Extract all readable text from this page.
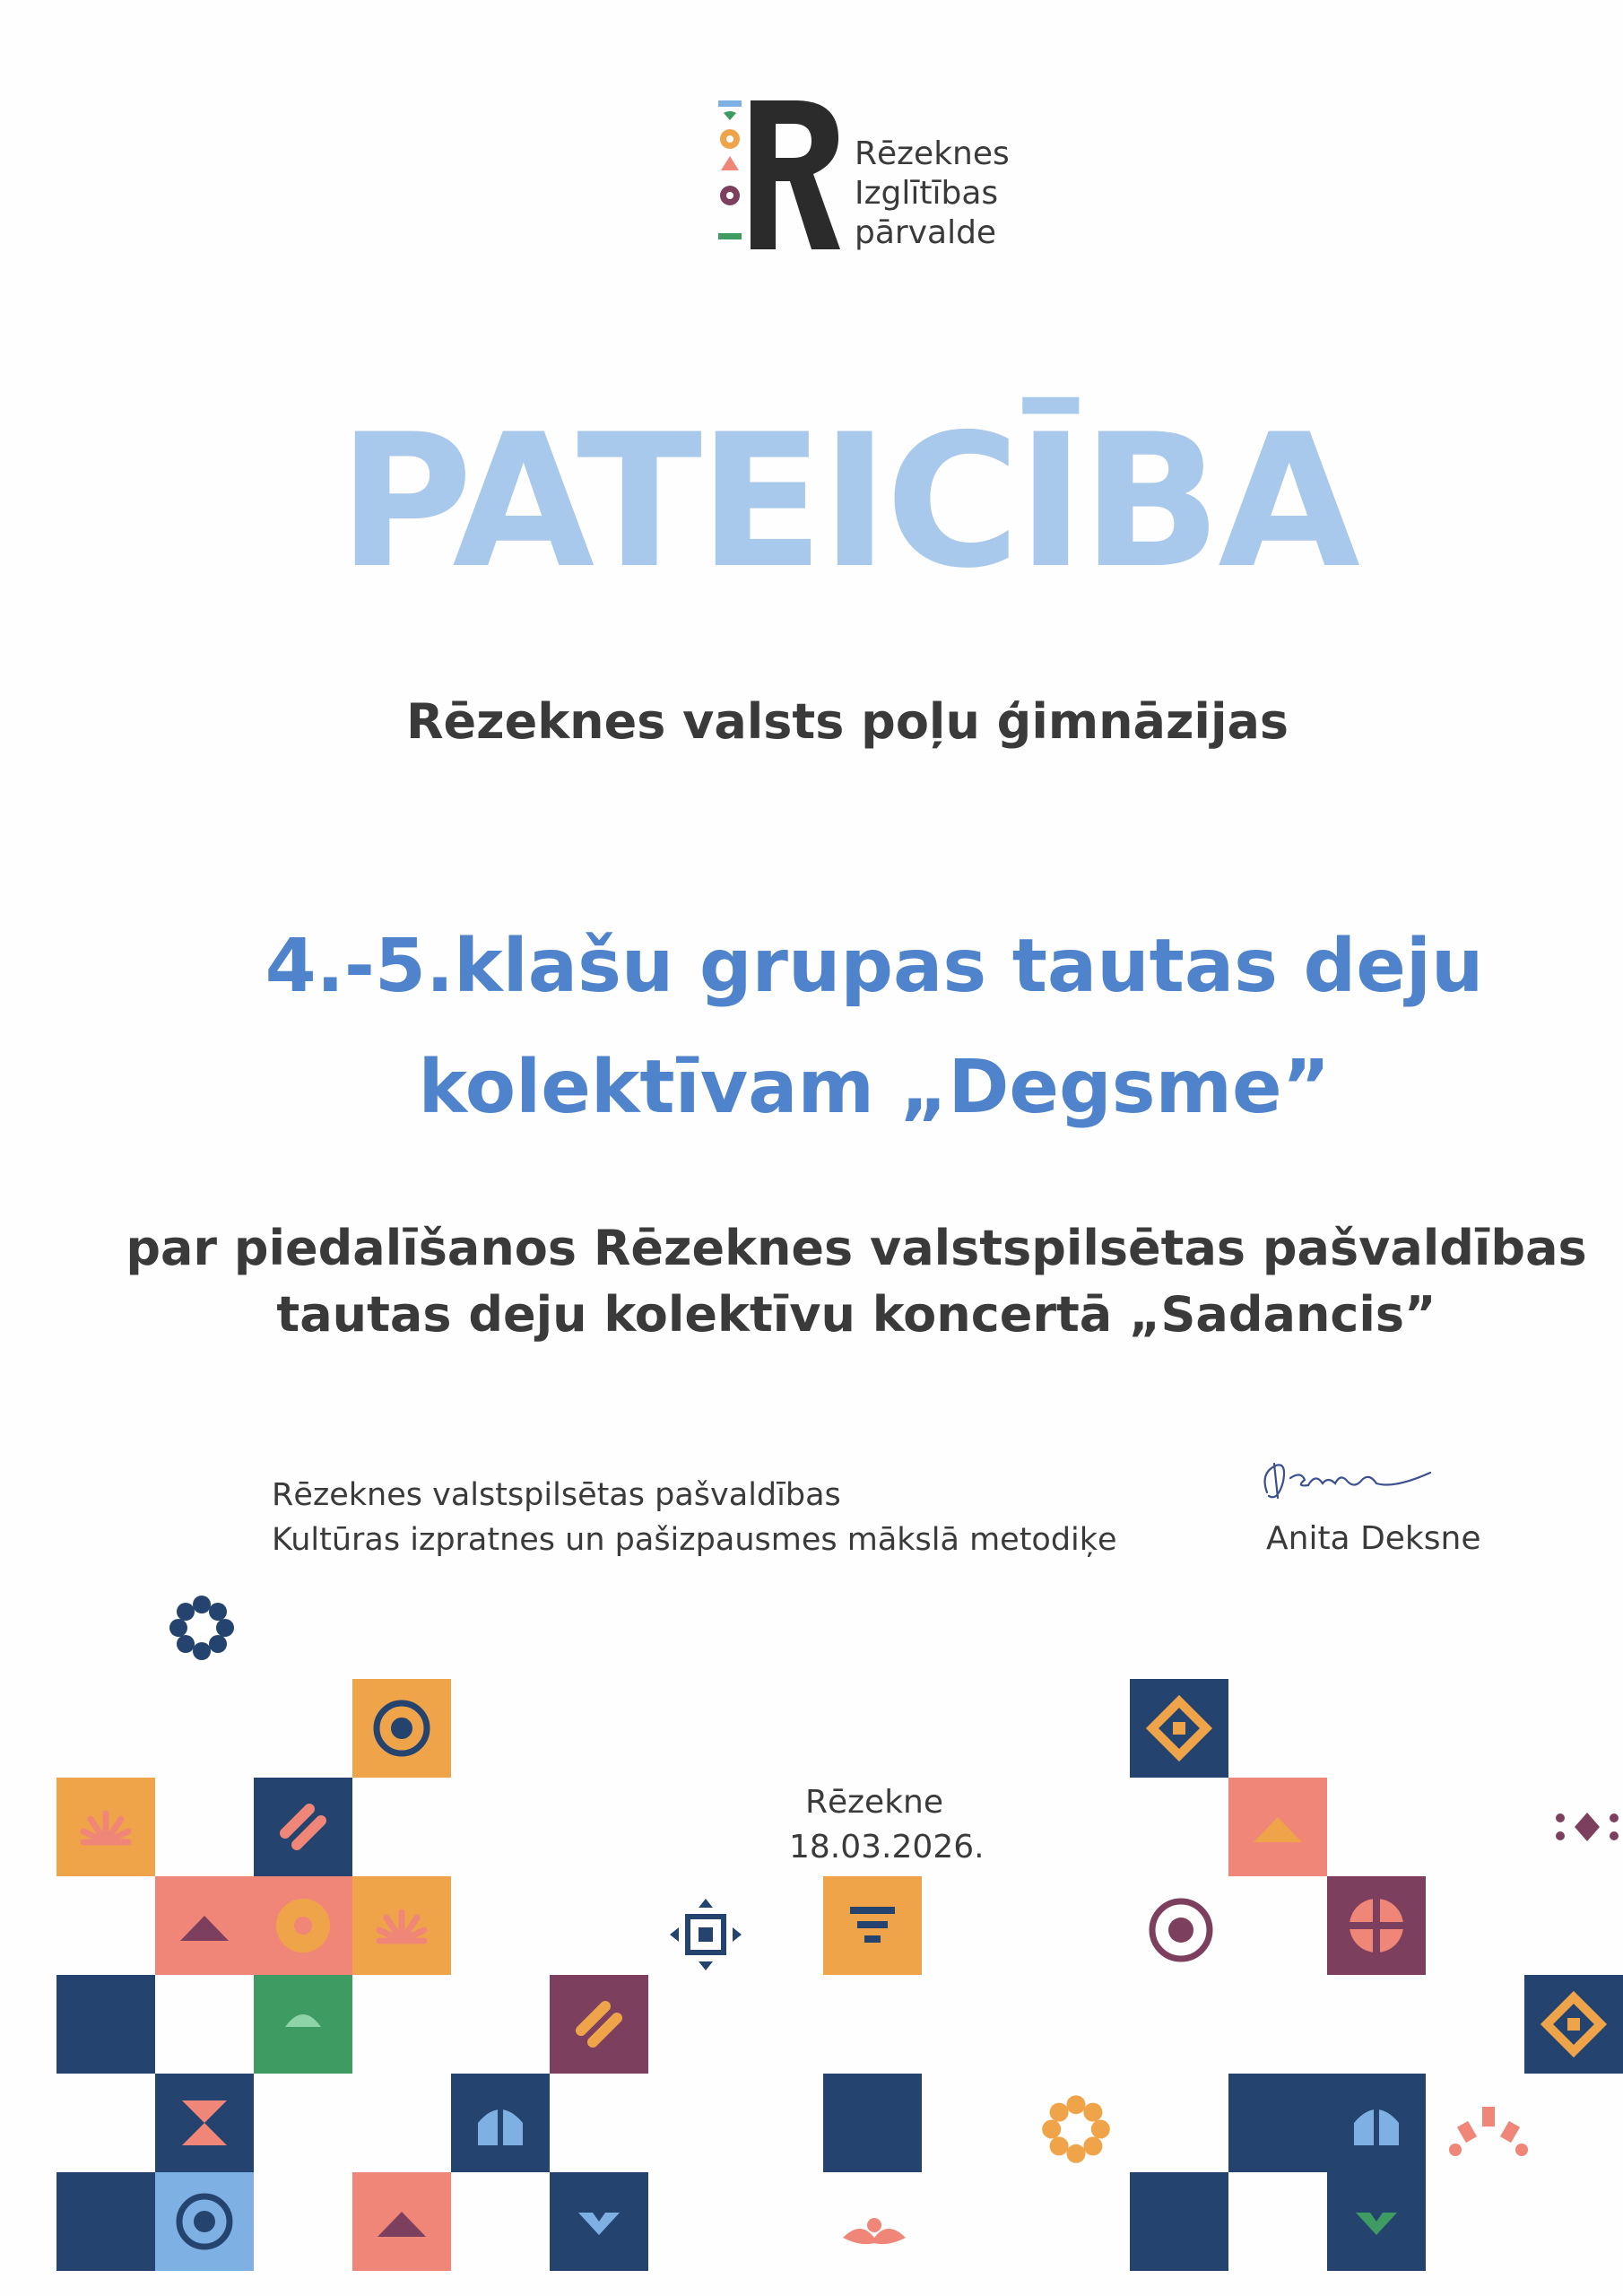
Rēzeknes
Izglītības
pārvalde
PATEICĪBA
Rēzeknes valsts poļu ģimnāzijas
4.-5.klašu grupas tautas deju
kolektīvam „Degsme”
par piedalīšanos Rēzeknes valstspilsētas pašvaldības
tautas deju kolektīvu koncertā „Sadancis”
Rēzeknes valstspilsētas pašvaldības
Kultūras izpratnes un pašizpausmes mākslā metodiķe	Anita Deksne
Rēzekne
18.03.2026.
